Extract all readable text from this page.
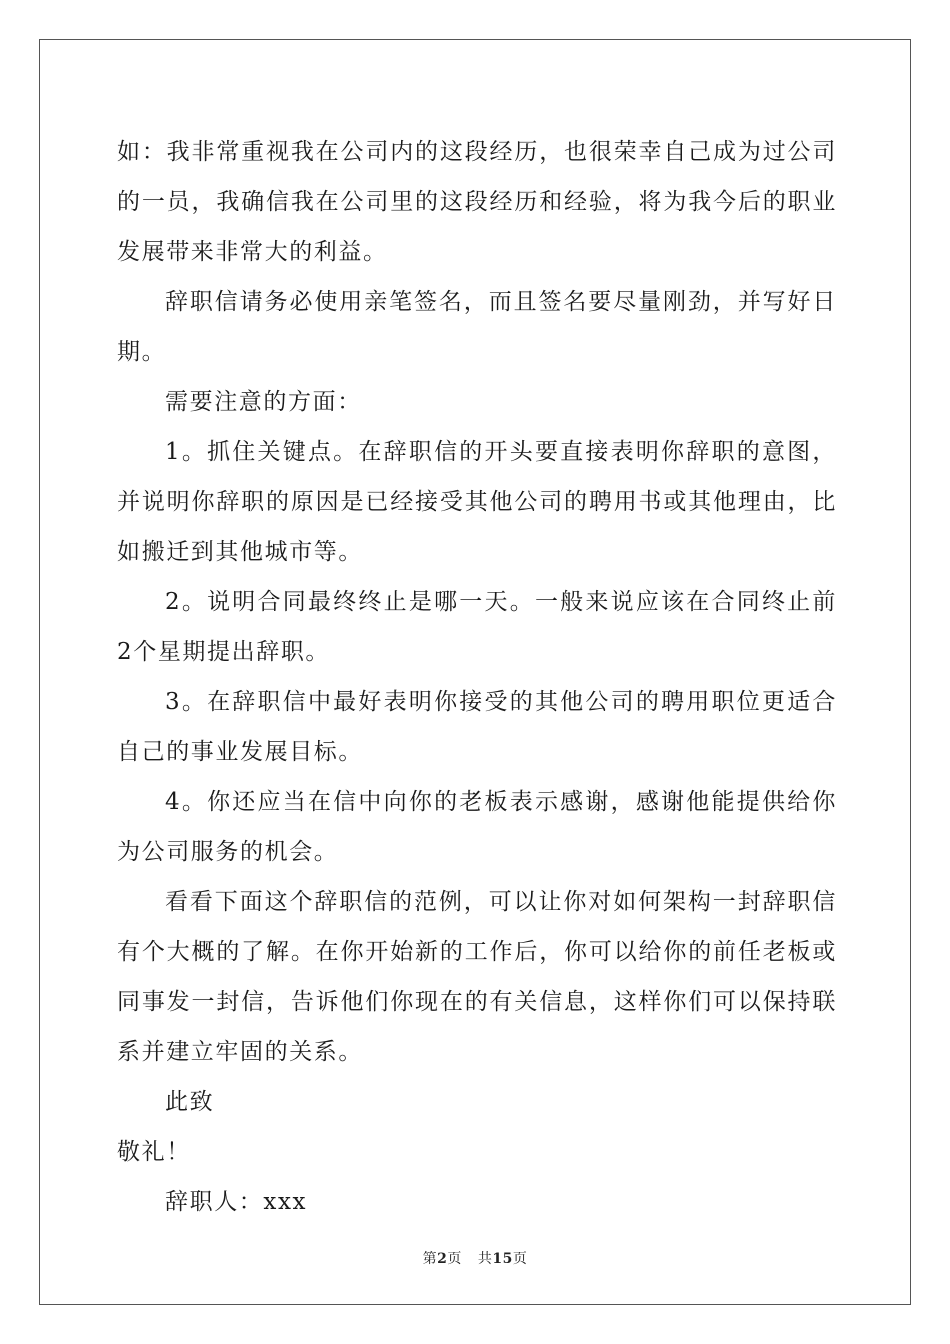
如：我非常重视我在公司内的这段经历，也很荣幸自己成为过公司的一员，我确信我在公司里的这段经历和经验，将为我今后的职业发展带来非常大的利益。

辞职信请务必使用亲笔签名，而且签名要尽量刚劲，并写好日期。

需要注意的方面：

1。抓住关键点。在辞职信的开头要直接表明你辞职的意图，并说明你辞职的原因是已经接受其他公司的聘用书或其他理由，比如搬迁到其他城市等。

2。说明合同最终终止是哪一天。一般来说应该在合同终止前2个星期提出辞职。

3。在辞职信中最好表明你接受的其他公司的聘用职位更适合自己的事业发展目标。

4。你还应当在信中向你的老板表示感谢，感谢他能提供给你为公司服务的机会。

看看下面这个辞职信的范例，可以让你对如何架构一封辞职信有个大概的了解。在你开始新的工作后，你可以给你的前任老板或同事发一封信，告诉他们你现在的有关信息，这样你们可以保持联系并建立牢固的关系。

此致

敬礼！

辞职人：xxx

第2页 共15页
